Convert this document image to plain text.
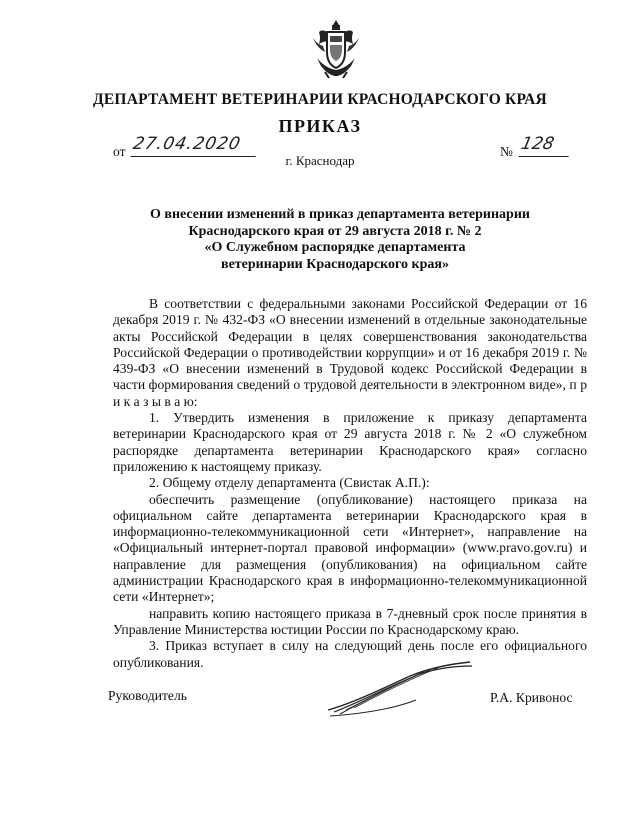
ДЕПАРТАМЕНТ ВЕТЕРИНАРИИ КРАСНОДАРСКОГО КРАЯ
ПРИКАЗ
от 27.04.2020	№ 128
г. Краснодар
О внесении изменений в приказ департамента ветеринарии
Краснодарского края от 29 августа 2018 г. № 2
«О Служебном распорядке департамента
ветеринарии Краснодарского края»

В соответствии с федеральными законами Российской Федерации от 16 декабря 2019 г. № 432-ФЗ «О внесении изменений в отдельные законодательные акты Российской Федерации в целях совершенствования законодательства Российской Федерации о противодействии коррупции» и от 16 декабря 2019 г. № 439-ФЗ «О внесении изменений в Трудовой кодекс Российской Федерации в части формирования сведений о трудовой деятельности в электронном виде», п р и к а з ы в а ю:

1. Утвердить изменения в приложение к приказу департамента ветеринарии Краснодарского края от 29 августа 2018 г. № 2 «О служебном распорядке департамента ветеринарии Краснодарского края» согласно приложению к настоящему приказу.

2. Общему отделу департамента (Свистак А.П.):

обеспечить размещение (опубликование) настоящего приказа на официальном сайте департамента ветеринарии Краснодарского края в информационно-телекоммуникационной сети «Интернет», направление на «Официальный интернет-портал правовой информации» (www.pravo.gov.ru) и направление для размещения (опубликования) на официальном сайте администрации Краснодарского края в информационно-телекоммуникационной сети «Интернет»;

направить копию настоящего приказа в 7-дневный срок после принятия в Управление Министерства юстиции России по Краснодарскому краю.

3. Приказ вступает в силу на следующий день после его официального опубликования.

Руководитель	Р.А. Кривонос
